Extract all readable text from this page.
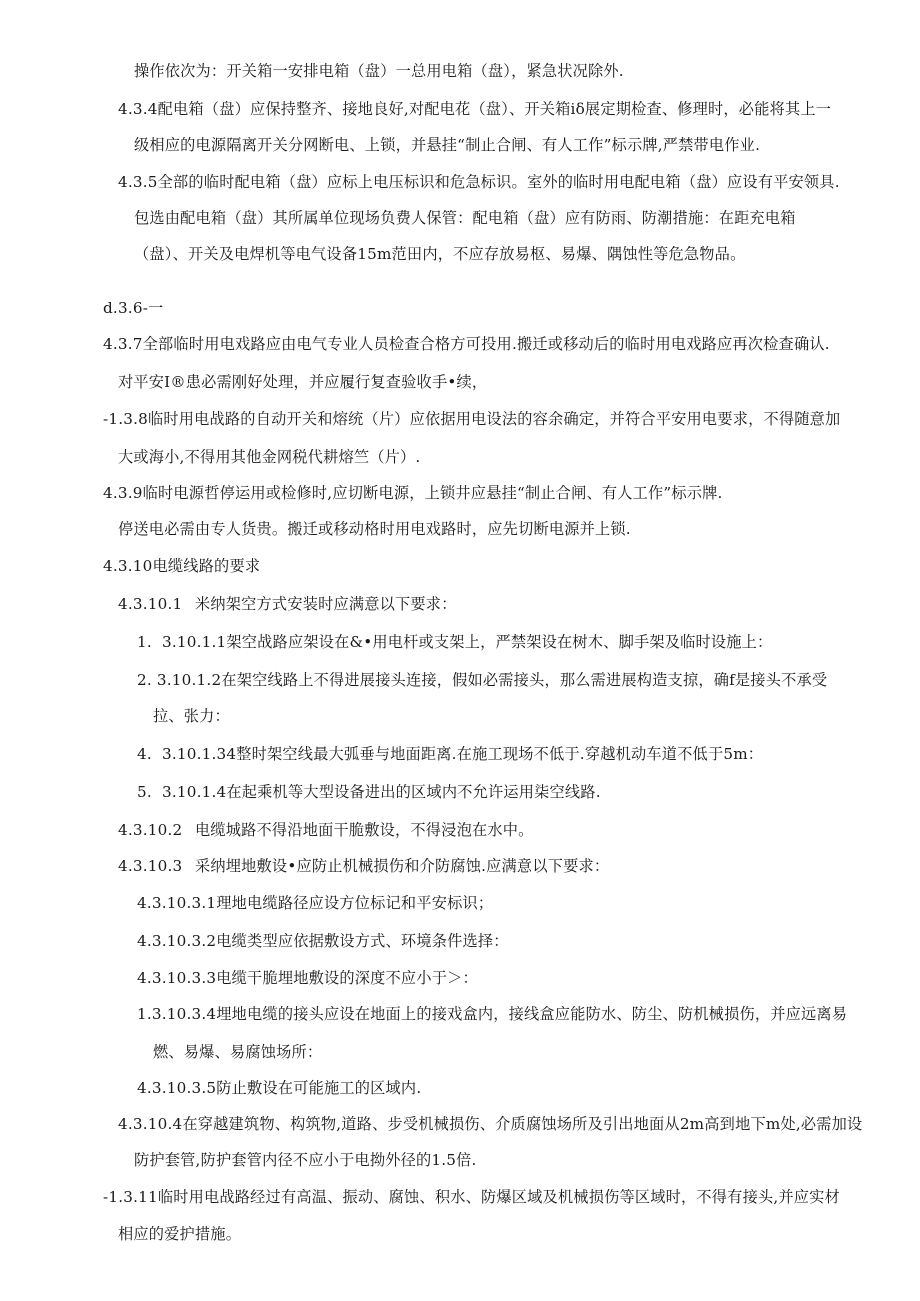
操作依次为：开关箱一安排电箱（盘）一总用电箱（盘），紧急状况除外.
4.3.4配电箱（盘）应保持整齐、接地良好,对配电花（盘）、开关箱iδ展定期检查、修理时，必能将其上一
级相应的电源隔离开关分网断电、上锁，并悬挂“制止合闸、有人工作”标示牌,严禁带电作业.
4.3.5全部的临时配电箱（盘）应标上电压标识和危急标识。室外的临时用电配电箱（盘）应设有平安领具.
包选由配电箱（盘）其所属单位现场负费人保管：配电箱（盘）应有防雨、防潮措施：在距充电箱
（盘）、开关及电焊机等电气设备15m范田内，不应存放易枢、易爆、隅蚀性等危急物品。
d.3.6-一
4.3.7全部临时用电戏路应由电气专业人员检查合格方可投用.搬迁或移动后的临时用电戏路应再次检查确认.
对平安I®患必需刚好处理，并应履行复查验收手•续，
-1.3.8临时用电战路的自动开关和熔统（片）应依据用电设法的容余确定，并符合平安用电要求，不得随意加
大或海小,不得用其他金网税代耕熔竺（片）.
4.3.9临时电源哲停运用或检修时,应切断电源，上锁井应悬挂“制止合闸、有人工作”标示牌.
停送电必需由专人货贵。搬迁或移动格时用电戏路时，应先切断电源并上锁.
4.3.10电缆线路的要求
4.3.10.1 米纳架空方式安装时应满意以下要求：
1. 3.10.1.1架空战路应架设在&•用电杆或支架上，严禁架设在树木、脚手架及临时设施上：
2. 3.10.1.2在架空线路上不得进展接头连接，假如必需接头，那么需进展构造支掠，确f是接头不承受
拉、张力：
4. 3.10.1.34整时架空线最大弧垂与地面距离.在施工现场不低于.穿越机动车道不低于5m：
5. 3.10.1.4在起乘机等大型设备进出的区域内不允许运用柒空线路.
4.3.10.2 电缆城路不得沿地面干脆敷设，不得浸泡在水中。
4.3.10.3 采纳埋地敷设•应防止机械损伤和介防腐蚀.应满意以下要求：
4.3.10.3.1理地电缆路径应设方位标记和平安标识；
4.3.10.3.2电缆类型应依据敷设方式、环境条件选择：
4.3.10.3.3电缆干脆埋地敷设的深度不应小于＞：
1.3.10.3.4埋地电缆的接头应设在地面上的接戏盒内，接线盒应能防水、防尘、防机械损伤，并应远离易
燃、易爆、易腐蚀场所：
4.3.10.3.5防止敷设在可能施工的区域内.
4.3.10.4在穿越建筑物、构筑物,道路、步受机械损伤、介质腐蚀场所及引出地面从2m高到地下m处,必需加设
防护套管,防护套管内径不应小于电拗外径的1.5倍.
-1.3.11临时用电战路经过有高温、振动、腐蚀、积水、防爆区域及机械损伤等区域时，不得有接头,并应实材
相应的爱护措施。
